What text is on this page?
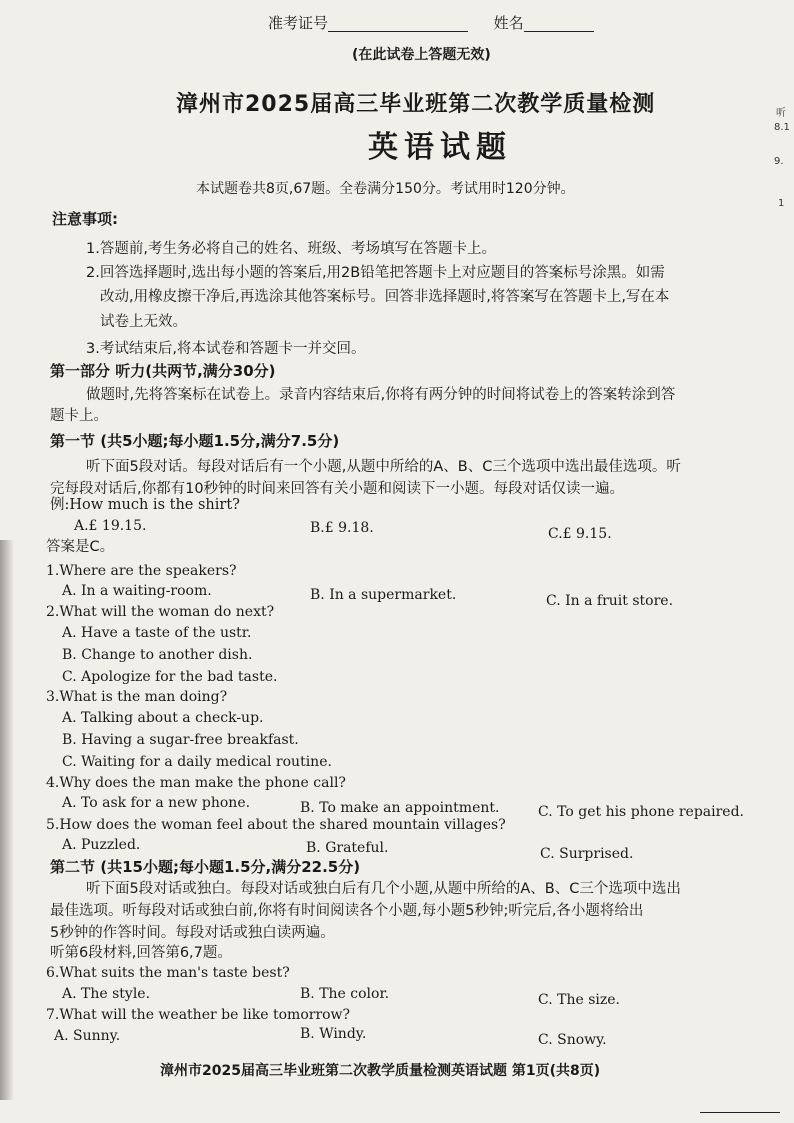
准考证号	姓名
(在此试卷上答题无效)
漳州市2025届高三毕业班第二次教学质量检测
英语试题
本试题卷共8页,67题。全卷满分150分。考试用时120分钟。
注意事项:
1.答题前,考生务必将自己的姓名、班级、考场填写在答题卡上。
2.回答选择题时,选出每小题的答案后,用2B铅笔把答题卡上对应题目的答案标号涂黑。如需
改动,用橡皮擦干净后,再选涂其他答案标号。回答非选择题时,将答案写在答题卡上,写在本
试卷上无效。
3.考试结束后,将本试卷和答题卡一并交回。
第一部分 听力(共两节,满分30分)
做题时,先将答案标在试卷上。录音内容结束后,你将有两分钟的时间将试卷上的答案转涂到答
题卡上。
第一节 (共5小题;每小题1.5分,满分7.5分)
听下面5段对话。每段对话后有一个小题,从题中所给的A、B、C三个选项中选出最佳选项。听
完每段对话后,你都有10秒钟的时间来回答有关小题和阅读下一小题。每段对话仅读一遍。
例:How much is the shirt?
A.£ 19.15.	B.£ 9.18.	C.£ 9.15.
答案是C。
1.Where are the speakers?
A. In a waiting-room.	B. In a supermarket.	C. In a fruit store.
2.What will the woman do next?
A. Have a taste of the ustr.
B. Change to another dish.
C. Apologize for the bad taste.
3.What is the man doing?
A. Talking about a check-up.
B. Having a sugar-free breakfast.
C. Waiting for a daily medical routine.
4.Why does the man make the phone call?
A. To ask for a new phone.	B. To make an appointment.	C. To get his phone repaired.
5.How does the woman feel about the shared mountain villages?
A. Puzzled.	B. Grateful.	C. Surprised.
第二节 (共15小题;每小题1.5分,满分22.5分)
听下面5段对话或独白。每段对话或独白后有几个小题,从题中所给的A、B、C三个选项中选出
最佳选项。听每段对话或独白前,你将有时间阅读各个小题,每小题5秒钟;听完后,各小题将给出
5秒钟的作答时间。每段对话或独白读两遍。
听第6段材料,回答第6,7题。
6.What suits the man's taste best?
A. The style.	B. The color.	C. The size.
7.What will the weather be like tomorrow?
A. Sunny.	B. Windy.	C. Snowy.
漳州市2025届高三毕业班第二次教学质量检测英语试题 第1页(共8页)
听
8.1
9.
1
